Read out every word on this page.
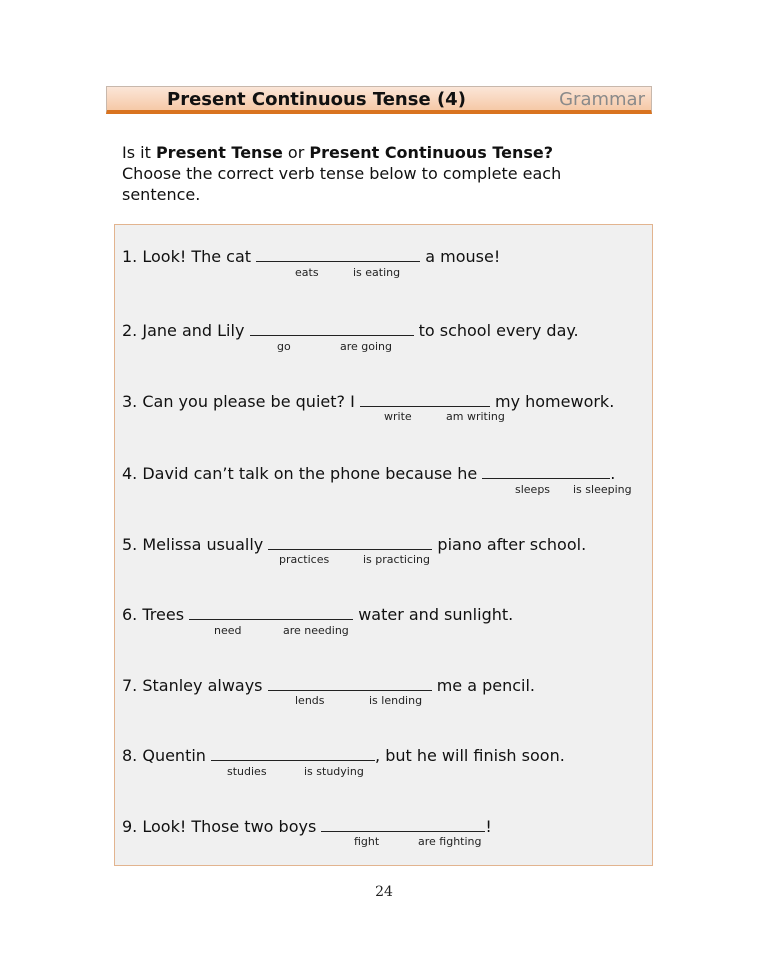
Present Continuous Tense (4)	Grammar
Is it Present Tense or Present Continuous Tense?
Choose the correct verb tense below to complete each sentence.
1. Look! The cat	a mouse!
eats	is eating
2. Jane and Lily	to school every day.
go	are going
3. Can you please be quiet? I	my homework.
write	am writing
4. David can’t talk on the phone because he	.
sleeps is sleeping
5. Melissa usually	piano after school.
practices	is practicing
6. Trees	water and sunlight.
need	are needing
7. Stanley always	me a pencil.
lends	is lending
8. Quentin	, but he will finish soon.
studies	is studying
9. Look! Those two boys	!
fight	are fighting
24
